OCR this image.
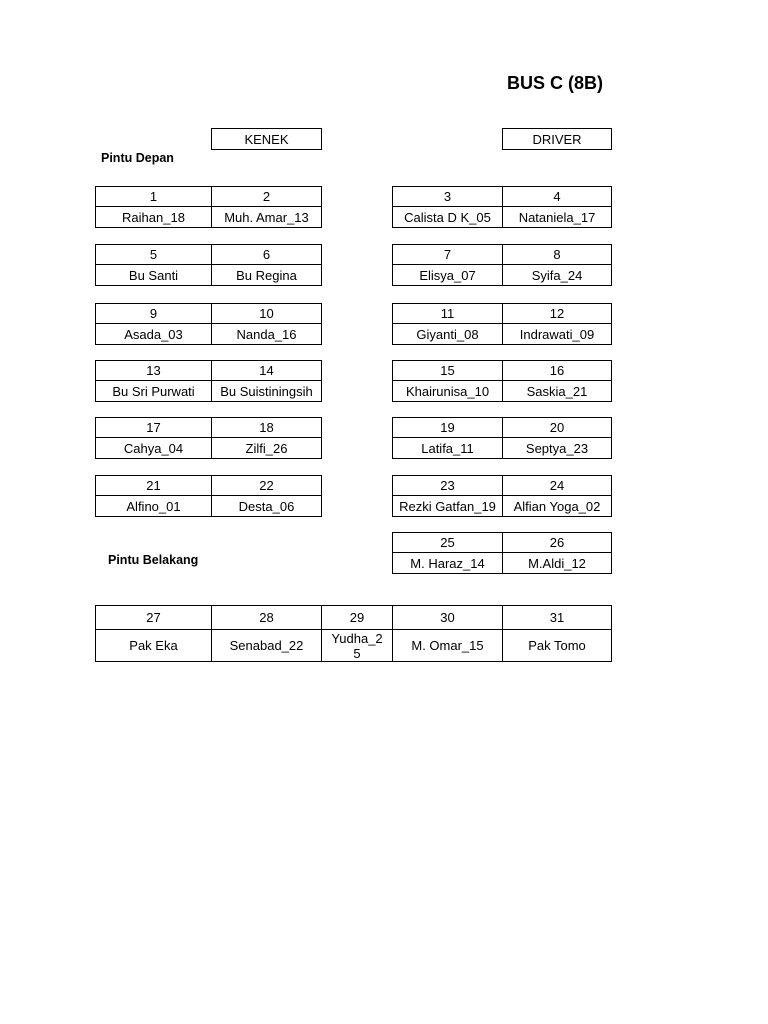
BUS C (8B)
KENEK	DRIVER
Pintu Depan
Pintu Belakang
1
Raihan_18
2
Muh. Amar_13
5
Bu Santi
6
Bu Regina
9
Asada_03
10
Nanda_16
13
Bu Sri Purwati
14
Bu Suistiningsih
17
Cahya_04
18
Zilfi_26
21
Alfino_01
22
Desta_06
3
Calista D K_05
4
Nataniela_17
7
Elisya_07
8
Syifa_24
11
Giyanti_08
12
Indrawati_09
15
Khairunisa_10
16
Saskia_21
19
Latifa_11
20
Septya_23
23
Rezki Gatfan_19
24
Alfian Yoga_02
25
M. Haraz_14
26
M.Aldi_12
27
Pak Eka
28
Senabad_22
29
Yudha_2
5
30
M. Omar_15
31
Pak Tomo
